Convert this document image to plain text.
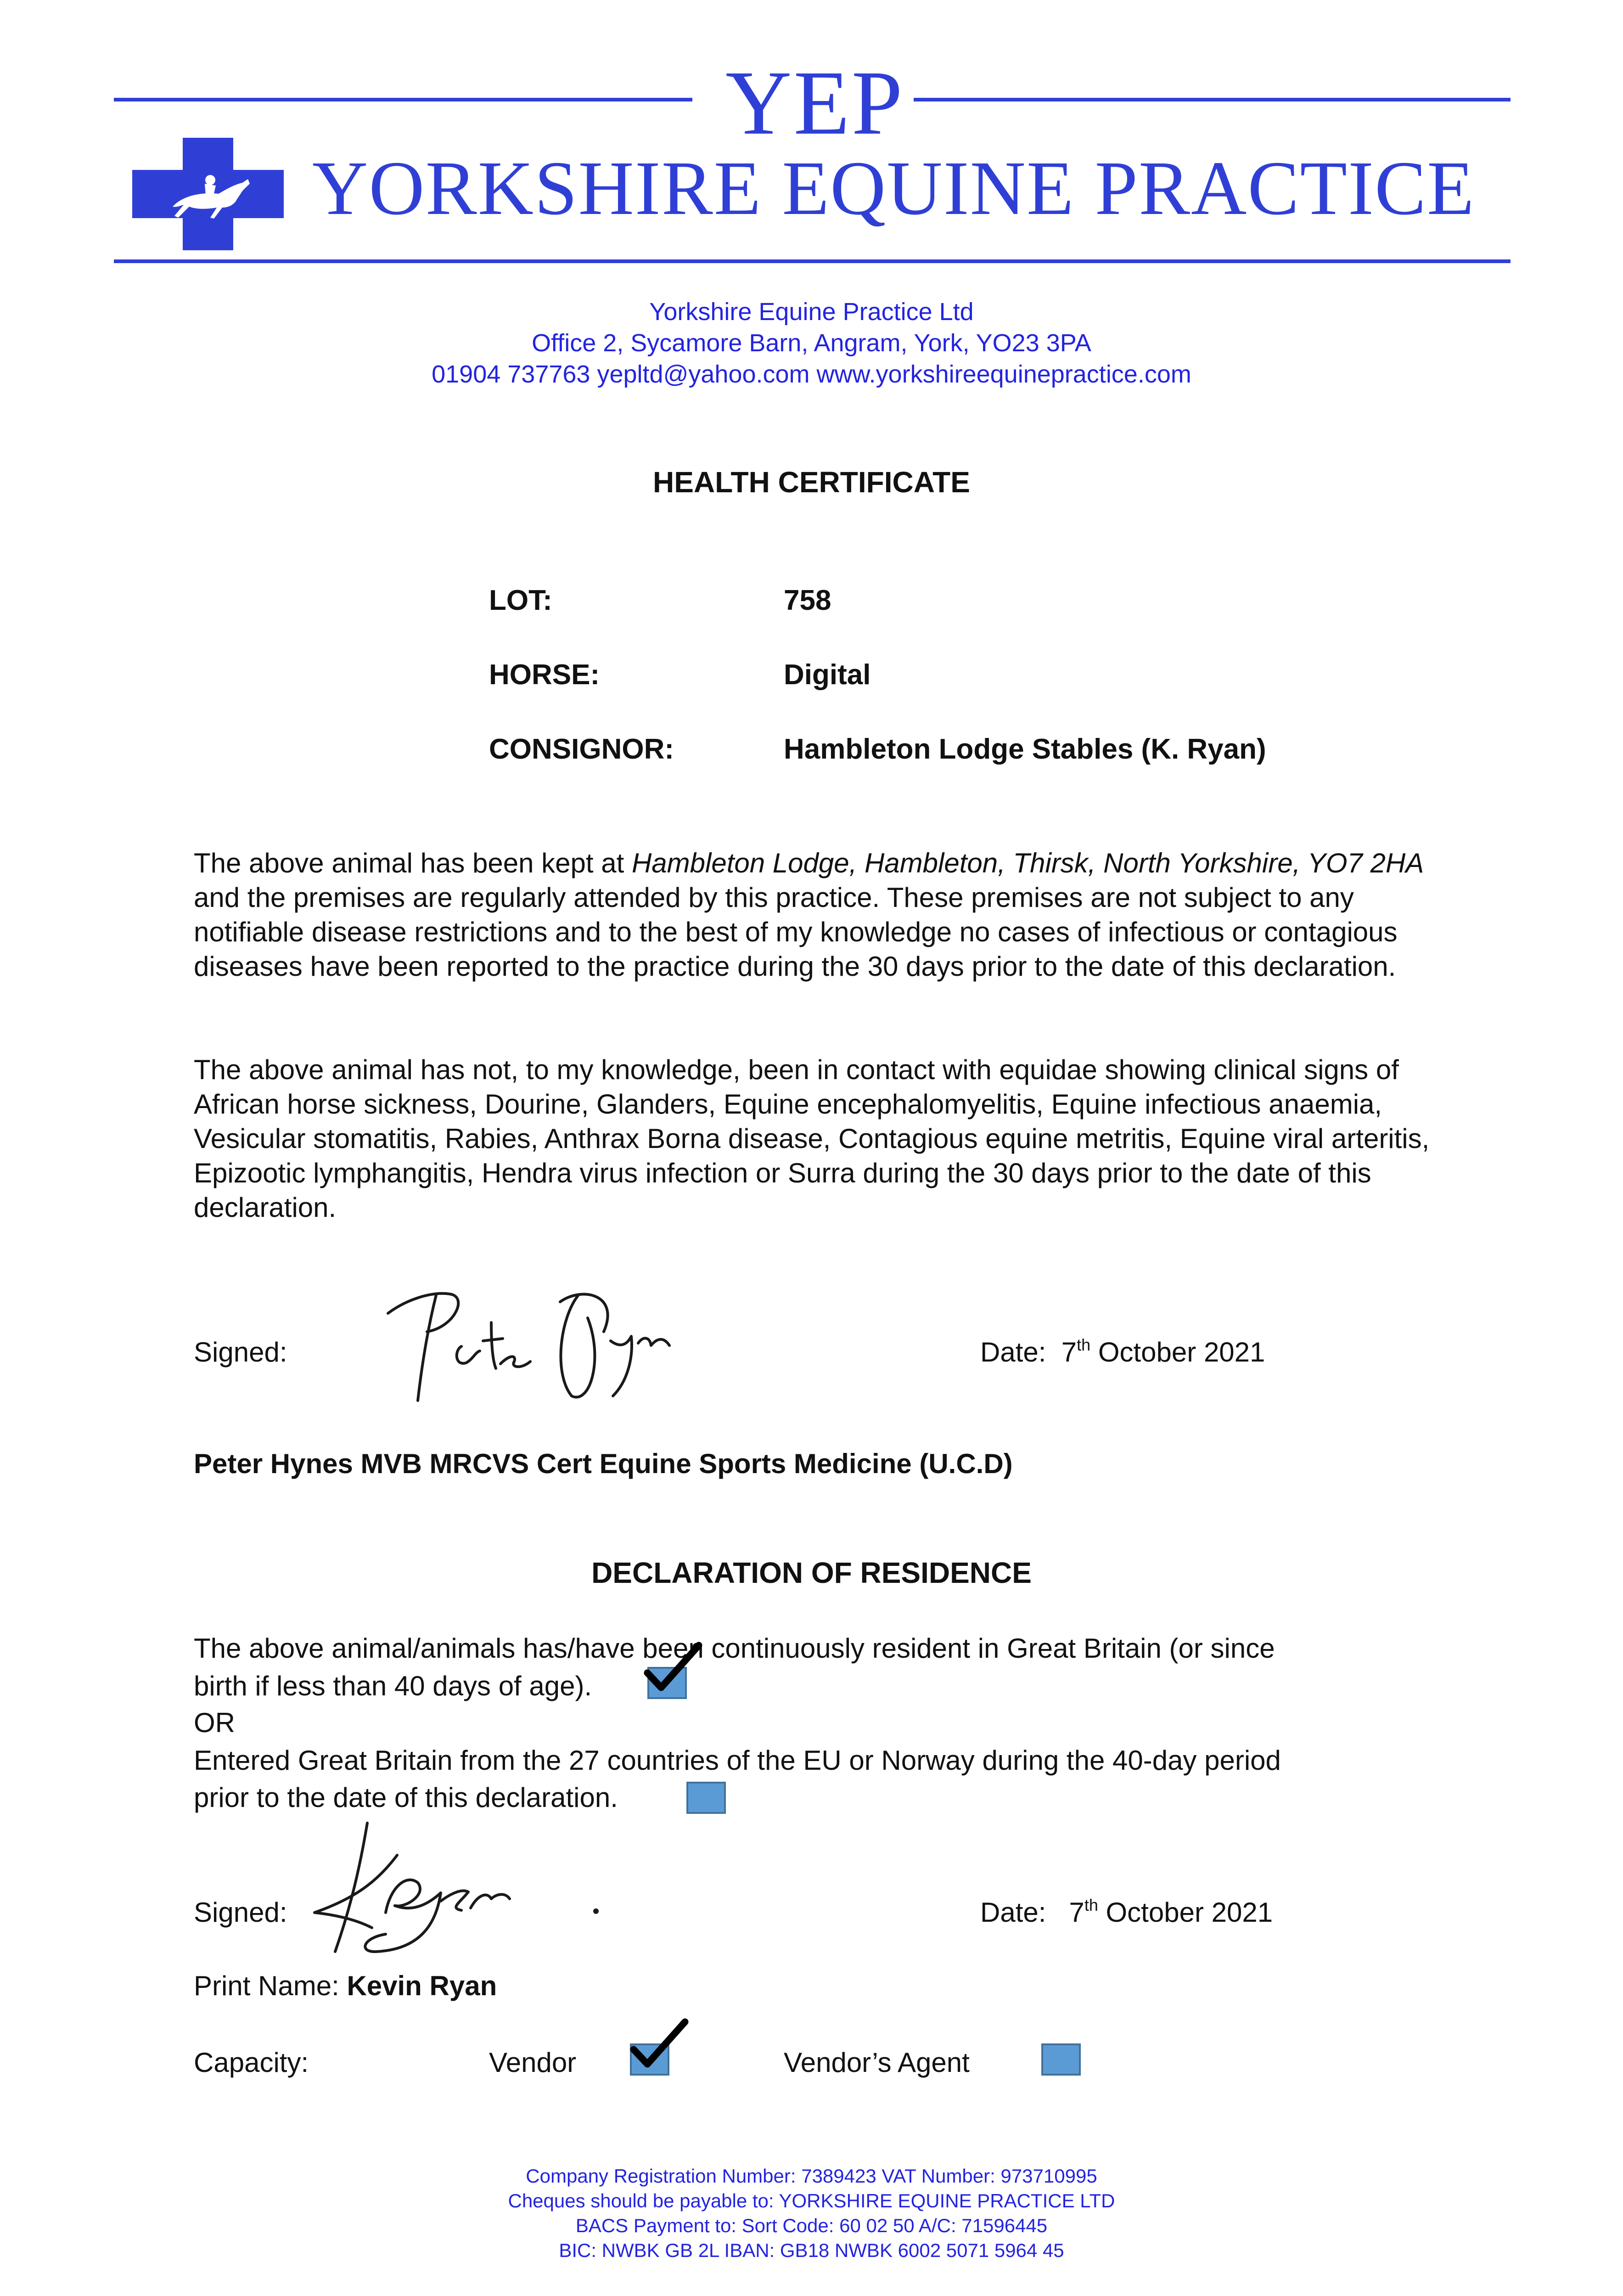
YEP
YORKSHIRE EQUINE PRACTICE
Yorkshire Equine Practice Ltd
Office 2, Sycamore Barn, Angram, York, YO23 3PA
01904 737763 yepltd@yahoo.com www.yorkshireequinepractice.com
HEALTH CERTIFICATE
LOT:	758
HORSE:	Digital
CONSIGNOR:	Hambleton Lodge Stables (K. Ryan)

The above animal has been kept at Hambleton Lodge, Hambleton, Thirsk, North Yorkshire, YO7 2HA and the premises are regularly attended by this practice. These premises are not subject to any notifiable disease restrictions and to the best of my knowledge no cases of infectious or contagious diseases have been reported to the practice during the 30 days prior to the date of this declaration.

The above animal has not, to my knowledge, been in contact with equidae showing clinical signs of African horse sickness, Dourine, Glanders, Equine encephalomyelitis, Equine infectious anaemia, Vesicular stomatitis, Rabies, Anthrax Borna disease, Contagious equine metritis, Equine viral arteritis, Epizootic lymphangitis, Hendra virus infection or Surra during the 30 days prior to the date of this declaration.

Signed:	Date: 7th October 2021
Peter Hynes MVB MRCVS Cert Equine Sports Medicine (U.C.D)
DECLARATION OF RESIDENCE
The above animal/animals has/have been continuously resident in Great Britain (or since
birth if less than 40 days of age).
OR
Entered Great Britain from the 27 countries of the EU or Norway during the 40-day period
prior to the date of this declaration.
Signed:	Date: 7th October 2021
Print Name: Kevin Ryan
Capacity:	Vendor	Vendor’s Agent
Company Registration Number: 7389423 VAT Number: 973710995
Cheques should be payable to: YORKSHIRE EQUINE PRACTICE LTD
BACS Payment to: Sort Code: 60 02 50 A/C: 71596445
BIC: NWBK GB 2L IBAN: GB18 NWBK 6002 5071 5964 45
